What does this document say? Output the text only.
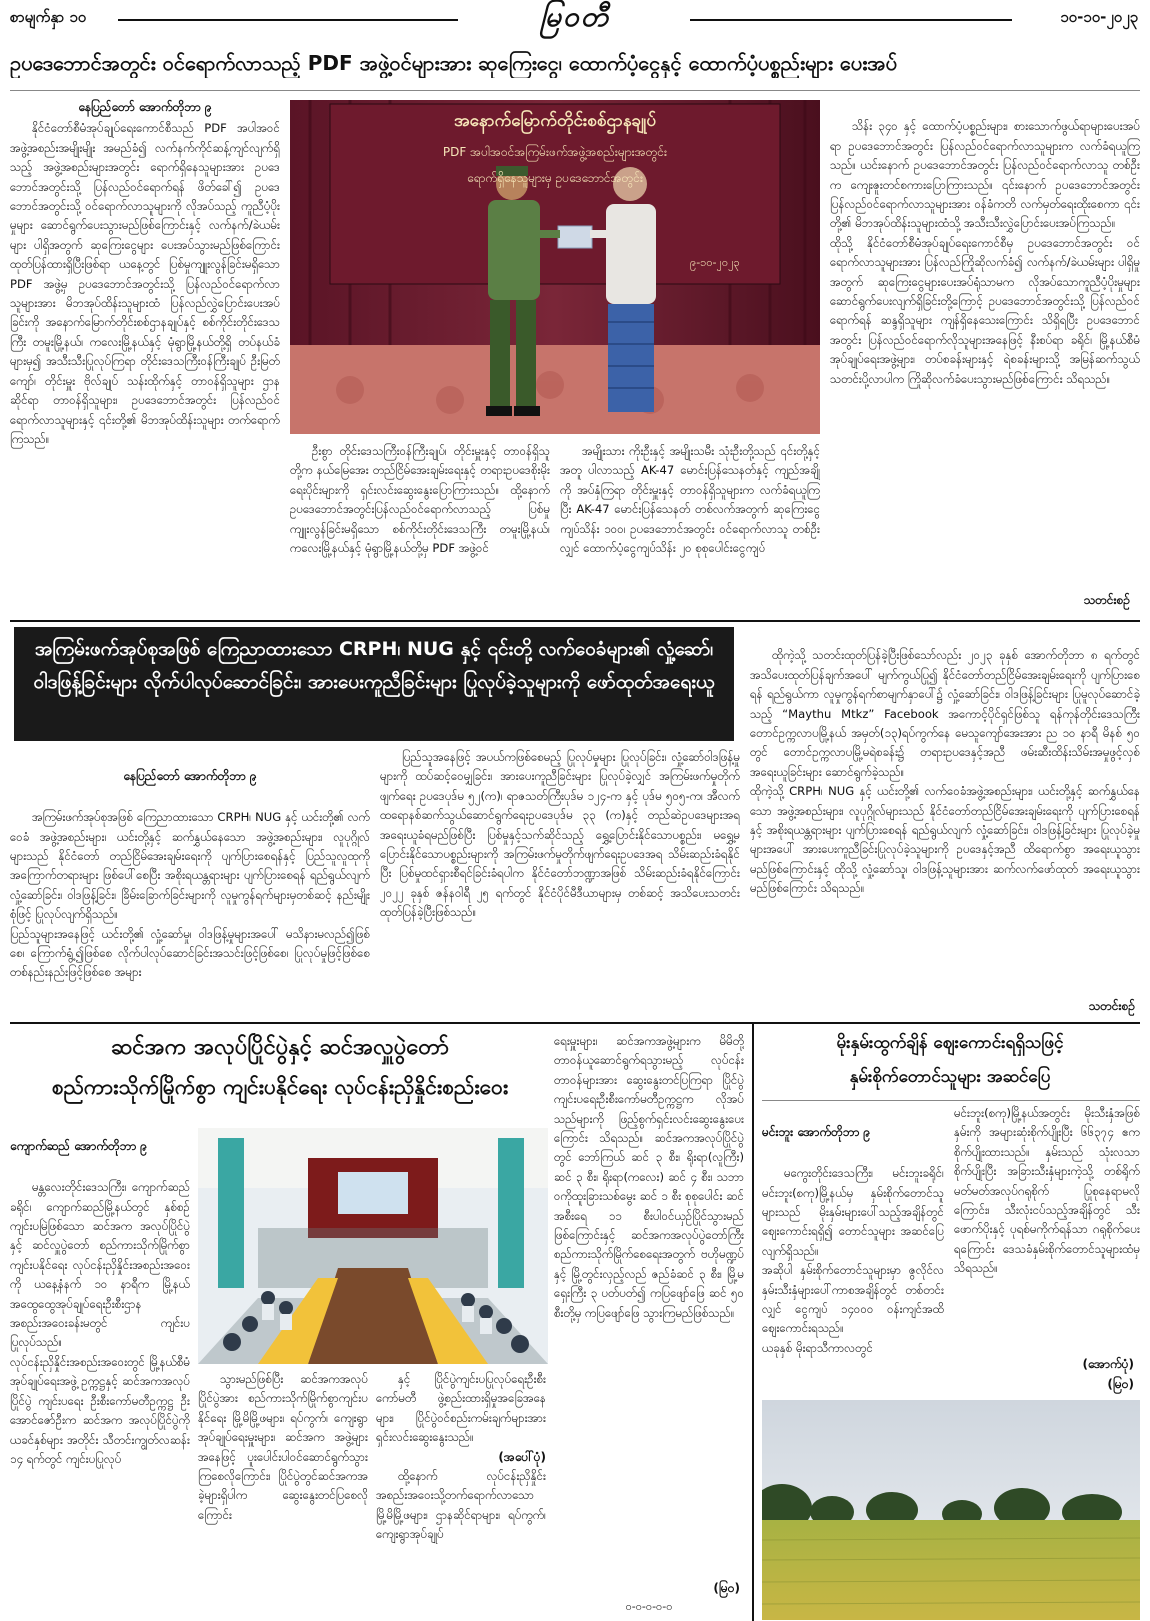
စာမျက်နှာ ၁၀	မြဝတီ	၁၀-၁၀-၂၀၂၃
ဥပဒေဘောင်အတွင်း ဝင်ရောက်လာသည့် PDF အဖွဲ့ဝင်များအား ဆုကြေးငွေ၊ ထောက်ပံ့ငွေနှင့် ထောက်ပံ့ပစ္စည်းများ ပေးအပ်
နေပြည်တော် အောက်တိုဘာ ၉

နိုင်ငံတော်စီမံအုပ်ချုပ်ရေးကောင်စီသည် PDF အပါအဝင် အဖွဲ့အစည်းအမျိုးမျိုး အမည်ခံ၍ လက်နက်ကိုင်ဆန့်ကျင်လျက်ရှိသည့် အဖွဲ့အစည်းများအတွင်း ရောက်ရှိနေသူများအား ဥပဒေဘောင်အတွင်းသို့ ပြန်လည်ဝင်ရောက်ရန် ဖိတ်ခေါ်၍ ဥပဒေဘောင်အတွင်းသို့ ဝင်ရောက်လာသူများကို လိုအပ်သည့် ကူညီပံ့ပိုးမှုများ ဆောင်ရွက်ပေးသွားမည်ဖြစ်ကြောင်းနှင့် လက်နက်/ခဲယမ်းများ ပါရှိအတွက် ဆုကြေးငွေများ ပေးအပ်သွားမည်ဖြစ်ကြောင်း ထုတ်ပြန်ထားရှိပြီးဖြစ်ရာ ယနေ့တွင် ပြစ်မှုကျူးလွန်ခြင်းမရှိသော PDF အဖွဲ့မှ ဥပဒေဘောင်အတွင်းသို့ ပြန်လည်ဝင်ရောက်လာသူများအား မိဘအုပ်ထိန်းသူများထံ ပြန်လည်လွှဲပြောင်းပေးအပ်ခြင်းကို အနောက်မြောက်တိုင်းစစ်ဌာနချုပ်နှင့် စစ်ကိုင်းတိုင်းဒေသကြီး တမူးမြို့နယ်၊ ကလေးမြို့နယ်နှင့် မုံရွာမြို့နယ်တို့ရှိ တပ်နယ်ခံများမှ၍ အသီးသီးပြုလုပ်ကြရာ တိုင်းဒေသကြီးဝန်ကြီးချုပ် ဦးမြတ်ကျော်၊ တိုင်းမှူး ဗိုလ်ချုပ် သန်းထိုက်နှင့် တာဝန်ရှိသူများ ဌာနဆိုင်ရာ တာဝန်ရှိသူများ၊ ဥပဒေဘောင်အတွင်း ပြန်လည်ဝင်ရောက်လာသူများနှင့် ၎င်းတို့၏ မိဘအုပ်ထိန်းသူများ တက်ရောက်ကြသည်။

အနောက်မြောက်တိုင်းစစ်ဌာနချုပ်
PDF အပါအဝင်အကြမ်းဖက်အဖွဲ့အစည်းများအတွင်း
ရောက်ရှိနေသူများမှ ဥပဒေဘောင်အတွင်း
၉-၁၀-၂၀၂၃

ဦးစွာ တိုင်းဒေသကြီးဝန်ကြီးချုပ်၊ တိုင်းမှူးနှင့် တာဝန်ရှိသူတို့က နယ်မြေအေး တည်ငြိမ်အေးချမ်းရေးနှင့် တရားဥပဒေစိုးမိုးရေးပိုင်းများကို ရှင်းလင်းဆွေးနွေးပြောကြားသည်။ ထို့နောက် ဥပဒေဘောင်အတွင်းပြန်လည်ဝင်ရောက်လာသည့် ပြစ်မှုကျူးလွန်ခြင်းမရှိသော စစ်ကိုင်းတိုင်းဒေသကြီး တမူးမြို့နယ်၊ ကလေးမြို့နယ်နှင့် မုံရွာမြို့နယ်တို့မှ PDF အဖွဲ့ဝင်

အမျိုးသား ကိုးဦးနှင့် အမျိုးသမီး သုံးဦးတို့သည် ၎င်းတို့နှင့်အတူ ပါလာသည့် AK-47 မောင်းပြန်သေနတ်နှင့် ကျည်အချို့ကို အပ်နှံကြရာ တိုင်းမှူးနှင့် တာဝန်ရှိသူများက လက်ခံရယူကြပြီး AK-47 မောင်းပြန်သေနတ် တစ်လက်အတွက် ဆုကြေးငွေကျပ်သိန်း ၁၀၀၊ ဥပဒေဘောင်အတွင်း ဝင်ရောက်လာသူ တစ်ဦးလျှင် ထောက်ပံ့ငွေကျပ်သိန်း ၂၀ စုစုပေါင်းငွေကျပ်

သိန်း ၃၄၀ နှင့် ထောက်ပံ့ပစ္စည်းများ၊ စားသောက်ဖွယ်ရာများပေးအပ်ရာ ဥပဒေဘောင်အတွင်း ပြန်လည်ဝင်ရောက်လာသူများက လက်ခံရယူကြသည်။ ယင်းနောက် ဥပဒေဘောင်အတွင်း ပြန်လည်ဝင်ရောက်လာသူ တစ်ဦးက ကျေးဇူးတင်စကားပြောကြားသည်။ ၎င်းနောက် ဥပဒေဘောင်အတွင်း ပြန်လည်ဝင်ရောက်လာသူများအား ဝန်ခံကတိ လက်မှတ်ရေးထိုးစေကာ ၎င်းတို့၏ မိဘအုပ်ထိန်းသူများထံသို့ အသီးသီးလွှဲပြောင်းပေးအပ်ကြသည်။
ထိုသို့ နိုင်ငံတော်စီမံအုပ်ချုပ်ရေးကောင်စီမှ ဥပဒေဘောင်အတွင်း ဝင်ရောက်လာသူများအား ပြန်လည်ကြိုဆိုလက်ခံ၍ လက်နက်/ခဲယမ်းများ ပါရှိမှုအတွက် ဆုကြေးငွေများပေးအပ်ရုံသာမက လိုအပ်သောကူညီပံ့ပိုးမှုများ ဆောင်ရွက်ပေးလျက်ရှိခြင်းတို့ကြောင့် ဥပဒေဘောင်အတွင်းသို့ ပြန်လည်ဝင်ရောက်ရန် ဆန္ဒရှိသူများ ကျန်ရှိနေသေးကြောင်း သိရှိရပြီး ဥပဒေဘောင်အတွင်း ပြန်လည်ဝင်ရောက်လိုသူများအနေဖြင့် နီးစပ်ရာ ခရိုင်၊ မြို့နယ်စီမံအုပ်ချုပ်ရေးအဖွဲ့များ၊ တပ်စခန်းများနှင့် ရဲစခန်းများသို့ အမြန်ဆက်သွယ်သတင်းပို့လာပါက ကြိုဆိုလက်ခံပေးသွားမည်ဖြစ်ကြောင်း သိရသည်။

သတင်းစဉ်
အကြမ်းဖက်အုပ်စုအဖြစ် ကြေညာထားသော CRPH၊ NUG နှင့် ၎င်းတို့ လက်ဝေခံများ၏ လှုံ့ဆော်၊ ဝါဒဖြန့်ခြင်းများ လိုက်ပါလုပ်ဆောင်ခြင်း၊ အားပေးကူညီခြင်းများ ပြုလုပ်ခဲ့သူများကို ဖော်ထုတ်အရေးယူ

နေပြည်တော် အောက်တိုဘာ ၉

အကြမ်းဖက်အုပ်စုအဖြစ် ကြေညာထားသော CRPH၊ NUG နှင့် ယင်းတို့၏ လက်ဝေခံ အဖွဲ့အစည်းများ၊ ယင်းတို့နှင့် ဆက်နွှယ်နေသော အဖွဲ့အစည်းများ၊ လူပုဂ္ဂိုလ်များသည် နိုင်ငံတော် တည်ငြိမ်အေးချမ်းရေးကို ပျက်ပြားစေရန်နှင့် ပြည်သူလူထုကို အကြောက်တရားများ ဖြစ်ပေါ်စေပြီး အစိုးရယန္တရားများ ပျက်ပြားစေရန် ရည်ရွယ်လျက် လှုံ့ဆော်ခြင်း၊ ဝါဒဖြန့်ခြင်း၊ ခြိမ်းခြောက်ခြင်းများကို လူမှုကွန်ရက်များမှတစ်ဆင့် နည်းမျိုးစုံဖြင့် ပြုလုပ်လျက်ရှိသည်။
ပြည်သူများအနေဖြင့် ယင်းတို့၏ လှုံ့ဆော်မှု၊ ဝါဒဖြန့်မှုများအပေါ် မသိနားမလည်၍ဖြစ်စေ၊ ကြောက်ရွံ့၍ဖြစ်စေ လိုက်ပါလုပ်ဆောင်ခြင်းအသင်းဖြင့်ဖြစ်စေ၊ ပြုလုပ်မှုဖြင့်ဖြစ်စေ တစ်နည်းနည်းဖြင့်ဖြစ်စေ အများ

ပြည်သူအနေဖြင့် အပယ်ကဖြစ်စေမည့် ပြုလုပ်မှုများ ပြုလုပ်ခြင်း၊ လှုံ့ဆော်ဝါဒဖြန့်မှုများကို ထပ်ဆင့်ဝေမျှခြင်း၊ အားပေးကူညီခြင်းများ ပြုလုပ်ခဲ့လျှင် အကြမ်းဖက်မှုတိုက်ဖျက်ရေး ဥပဒေပုဒ်မ ၅၂(က)၊ ရာဇသတ်ကြီးပုဒ်မ ၁၂၄-က နှင့် ပုဒ်မ ၅၀၅-က၊ အီလက်ထရောနစ်ဆက်သွယ်ဆောင်ရွက်ရေးဥပဒေပုဒ်မ ၃၃ (က)နှင့် တည်ဆဲဥပဒေများအရ အရေးယူခံရမည်ဖြစ်ပြီး ပြစ်မှုနှင့်သက်ဆိုင်သည့် ရွှေ့ပြောင်းနိုင်သောပစ္စည်း၊ မရွှေ့မပြောင်းနိုင်သောပစ္စည်းများကို အကြမ်းဖက်မှုတိုက်ဖျက်ရေးဥပဒေအရ သိမ်းဆည်းခံရနိုင်ပြီး ပြစ်မှုထင်ရှားစီရင်ခြင်းခံရပါက နိုင်ငံတော်ဘဏ္ဍာအဖြစ် သိမ်းဆည်းခံရနိုင်ကြောင်း ၂၀၂၂ ခုနှစ် ဇန်နဝါရီ ၂၅ ရက်တွင် နိုင်ငံပိုင်မီဒီယာများမှ တစ်ဆင့် အသိပေးသတင်းထုတ်ပြန်ခဲ့ပြီးဖြစ်သည်။

ထိုကဲ့သို့ သတင်းထုတ်ပြန်ခဲ့ပြီးဖြစ်သော်လည်း ၂၀၂၃ ခုနှစ် အောက်တိုဘာ ၈ ရက်တွင် အသိပေးထုတ်ပြန်ချက်အပေါ် မျက်ကွယ်ပြု၍ နိုင်ငံတော်တည်ငြိမ်အေးချမ်းရေးကို ပျက်ပြားစေရန် ရည်ရွယ်ကာ လူမှုကွန်ရက်စာမျက်နှာပေါ်၌ လှုံ့ဆော်ခြင်း၊ ဝါဒဖြန့်ခြင်းများ ပြုမူလုပ်ဆောင်ခဲ့သည့် “Maythu Mtkz” Facebook အကောင့်ပိုင်ရှင်ဖြစ်သူ ရန်ကုန်တိုင်းဒေသကြီး တောင်ဥက္ကလာပမြို့နယ် အမှတ်(၁၃)ရပ်ကွက်နေ မေသူကျော်အေးအား ည ၁၀ နာရီ မိနစ် ၅၀ တွင် တောင်ဥက္ကလာပမြို့မရဲစခန်း၌ တရားဥပဒေနှင့်အညီ ဖမ်းဆီးထိန်းသိမ်းအမှုဖွင့်လှစ်အရေးယူခြင်းများ ဆောင်ရွက်ခဲ့သည်။
ထိုကဲ့သို့ CRPH၊ NUG နှင့် ယင်းတို့၏ လက်ဝေခံအဖွဲ့အစည်းများ၊ ယင်းတို့နှင့် ဆက်နွှယ်နေသော အဖွဲ့အစည်းများ၊ လူပုဂ္ဂိုလ်များသည် နိုင်ငံတော်တည်ငြိမ်အေးချမ်းရေးကို ပျက်ပြားစေရန်နှင့် အစိုးရယန္တရားများ ပျက်ပြားစေရန် ရည်ရွယ်လျက် လှုံ့ဆော်ခြင်း၊ ဝါဒဖြန့်ခြင်းများ ပြုလုပ်ခဲ့မှုများအပေါ် အားပေးကူညီခြင်းပြုလုပ်ခဲ့သူများကို ဥပဒေနှင့်အညီ ထိရောက်စွာ အရေးယူသွားမည်ဖြစ်ကြောင်းနှင့် ထိုသို့ လှုံ့ဆော်သူ၊ ဝါဒဖြန့်သူများအား ဆက်လက်ဖော်ထုတ် အရေးယူသွားမည်ဖြစ်ကြောင်း သိရသည်။

သတင်းစဉ်
ဆင်အက အလုပ်ပြိုင်ပွဲနှင့် ဆင်အလှူပွဲတော်
စည်ကားသိုက်မြိုက်စွာ ကျင်းပနိုင်ရေး လုပ်ငန်းညှိနှိုင်းစည်းဝေး

ကျောက်ဆည် အောက်တိုဘာ ၉

မန္တလေးတိုင်းဒေသကြီး၊ ကျောက်ဆည်ခရိုင်၊ ကျောက်ဆည်မြို့နယ်တွင် နှစ်စဉ်ကျင်းပမြဲဖြစ်သော ဆင်အက အလုပ်ပြိုင်ပွဲနှင့် ဆင်လှူပွဲတော် စည်ကားသိုက်မြိုက်စွာကျင်းပနိုင်ရေး လုပ်ငန်းညှိနှိုင်းအစည်းအဝေးကို ယနေ့နံနက် ၁၀ နာရီက မြို့နယ်အထွေထွေအုပ်ချုပ်ရေးဦးစီးဌာန အစည်းအဝေးခန်းမတွင် ကျင်းပပြုလုပ်သည်။
လုပ်ငန်းညှိနှိုင်းအစည်းအဝေးတွင် မြို့နယ်စီမံအုပ်ချုပ်ရေးအဖွဲ့ ဥက္ကဋ္ဌနှင့် ဆင်အကအလုပ်ပြိုင်ပွဲ ကျင်းပရေး ဦးစီးကော်မတီဥက္ကဋ္ဌ ဦးအောင်ဇော်ဦးက ဆင်အက အလုပ်ပြိုင်ပွဲကို ယခင်နှစ်များ အတိုင်း သီတင်းကျွတ်လဆန်း ၁၄ ရက်တွင် ကျင်းပပြုလုပ်

သွားမည်ဖြစ်ပြီး ဆင်အကအလုပ်ပြိုင်ပွဲအား စည်ကားသိုက်မြိုက်စွာကျင်းပနိုင်ရေး မြို့မိမြို့ဖများ၊ ရပ်ကွက်၊ ကျေးရွာအုပ်ချုပ်ရေးမှူးများ၊ ဆင်အက အဖွဲ့များအနေဖြင့် ပူးပေါင်းပါဝင်ဆောင်ရွက်သွားကြစေလိုကြောင်း၊ ပြိုင်ပွဲတွင်ဆင်အကအခဲ့များရှိပါက ဆွေးနွေးတင်ပြစေလိုကြောင်း

နှင့် ပြိုင်ပွဲကျင်းပပြုလုပ်ရေးဦးစီးကော်မတီ ဖွဲ့စည်းထားရှိမှုအခြေအနေများ၊ ပြိုင်ပွဲဝင်စည်းကမ်းချက်များအား ရှင်းလင်းဆွေးနွေးသည်။

(အပေါ်ပုံ)

ထို့နောက် လုပ်ငန်းညှိနှိုင်းအစည်းအဝေးသို့တက်ရောက်လာသော မြို့မိမြို့ဖများ၊ ဌာနဆိုင်ရာများ၊ ရပ်ကွက်၊ ကျေးရွာအုပ်ချုပ်

ရေးမှူးများ၊ ဆင်အကအဖွဲ့များက မိမိတို့ တာဝန်ယူဆောင်ရွက်ရသွားမည့် လုပ်ငန်းတာဝန်များအား ဆွေးနွေးတင်ပြကြရာ ပြိုင်ပွဲကျင်းပရေးဦးစီးကော်မတီဥက္ကဋ္ဌက လိုအပ်သည်များကို ဖြည့်စွက်ရှင်းလင်းဆွေးနွေးပေးကြောင်း သိရသည်။ ဆင်အကအလုပ်ပြိုင်ပွဲတွင် ဘော်ကြယ် ဆင် ၃ စီး၊ ရိုးရာ(လူကြီး) ဆင် ၃ စီး၊ ရိုးရာ(ကလေး) ဆင် ၄ စီး၊ သဘာဝကိုထူးခြားသစ်မွေး ဆင် ၁ စီး စုစုပေါင်း ဆင်အစီးရေ ၁၁ စီးပါဝင်ယှဉ်ပြိုင်သွားမည်ဖြစ်ကြောင်းနှင့် ဆင်အကအလုပ်ပွဲတော်ကြီး စည်ကားသိုက်မြိုက်စေရေးအတွက် ဗဟိုမဏ္ဍပ်နှင့် မြို့တွင်းလှည့်လည် ဇည်ခံဆင် ၃ စီး၊ မြို့မရှေးကြီး ၃ ပတ်ပတ်၍ ကပြဖျော်ဖြေ ဆင် ၅၀ စီးတို့မှ ကပြဖျော်ဖြေ သွားကြမည်ဖြစ်သည်။

(မြဝ)
ဝ-ဝ-ဝ-ဝ-ဝ
မိုးနှမ်းထွက်ချိန် ဈေးကောင်းရရှိသဖြင့်
နှမ်းစိုက်တောင်သူများ အဆင်ပြေ

မင်းဘူး အောက်တိုဘာ ၉

မကွေးတိုင်းဒေသကြီး၊ မင်းဘူးခရိုင်၊ မင်းဘူး(စကု)မြို့နယ်မှ နှမ်းစိုက်တောင်သူများသည် မိုးနှမ်းများပေါ်သည့်အချိန်တွင် ဈေးကောင်းရရှိ၍ တောင်သူများ အဆင်ပြေလျက်ရှိသည်။
အဆိုပါ နှမ်းစိုက်တောင်သူများမှာ ဇွလိုင်လ နှမ်းသီးနှံများပေါ်ကာစအချိန်တွင် တစ်တင်းလျှင် ငွေကျပ် ၁၄၀၀၀ ဝန်းကျင်အထိ ဈေးကောင်းရသည်။
ယခုနှစ် မိုးရာသီကာလတွင်

မင်းဘူး(စကု)မြို့နယ်အတွင်း မိုးသီးနှံအဖြစ် နှမ်းကို အများဆုံးစိုက်ပျိုးပြီး ၆၆၃၇၄ ဧက စိုက်ပျိုးထားသည်။ နှမ်းသည် သုံးလသာ စိုက်ပျိုးပြီး အခြားသီးနှံများကဲ့သို့ တစ်ရိုက်မတ်မတ်အလုပ်ဂရုစိုက် ပြုစုနေရာမလိုကြောင်း၊ သီးလုံးငပ်သည့်အချိန်တွင် သီးဖောက်ပိုးနှင့် ပုရစ်မကိုက်ရန်သာ ဂရုစိုက်ပေးရကြောင်း ဒေသခံနှမ်းစိုက်တောင်သူများထံမှ သိရသည်။

(အောက်ပုံ)
(မြဝ)
